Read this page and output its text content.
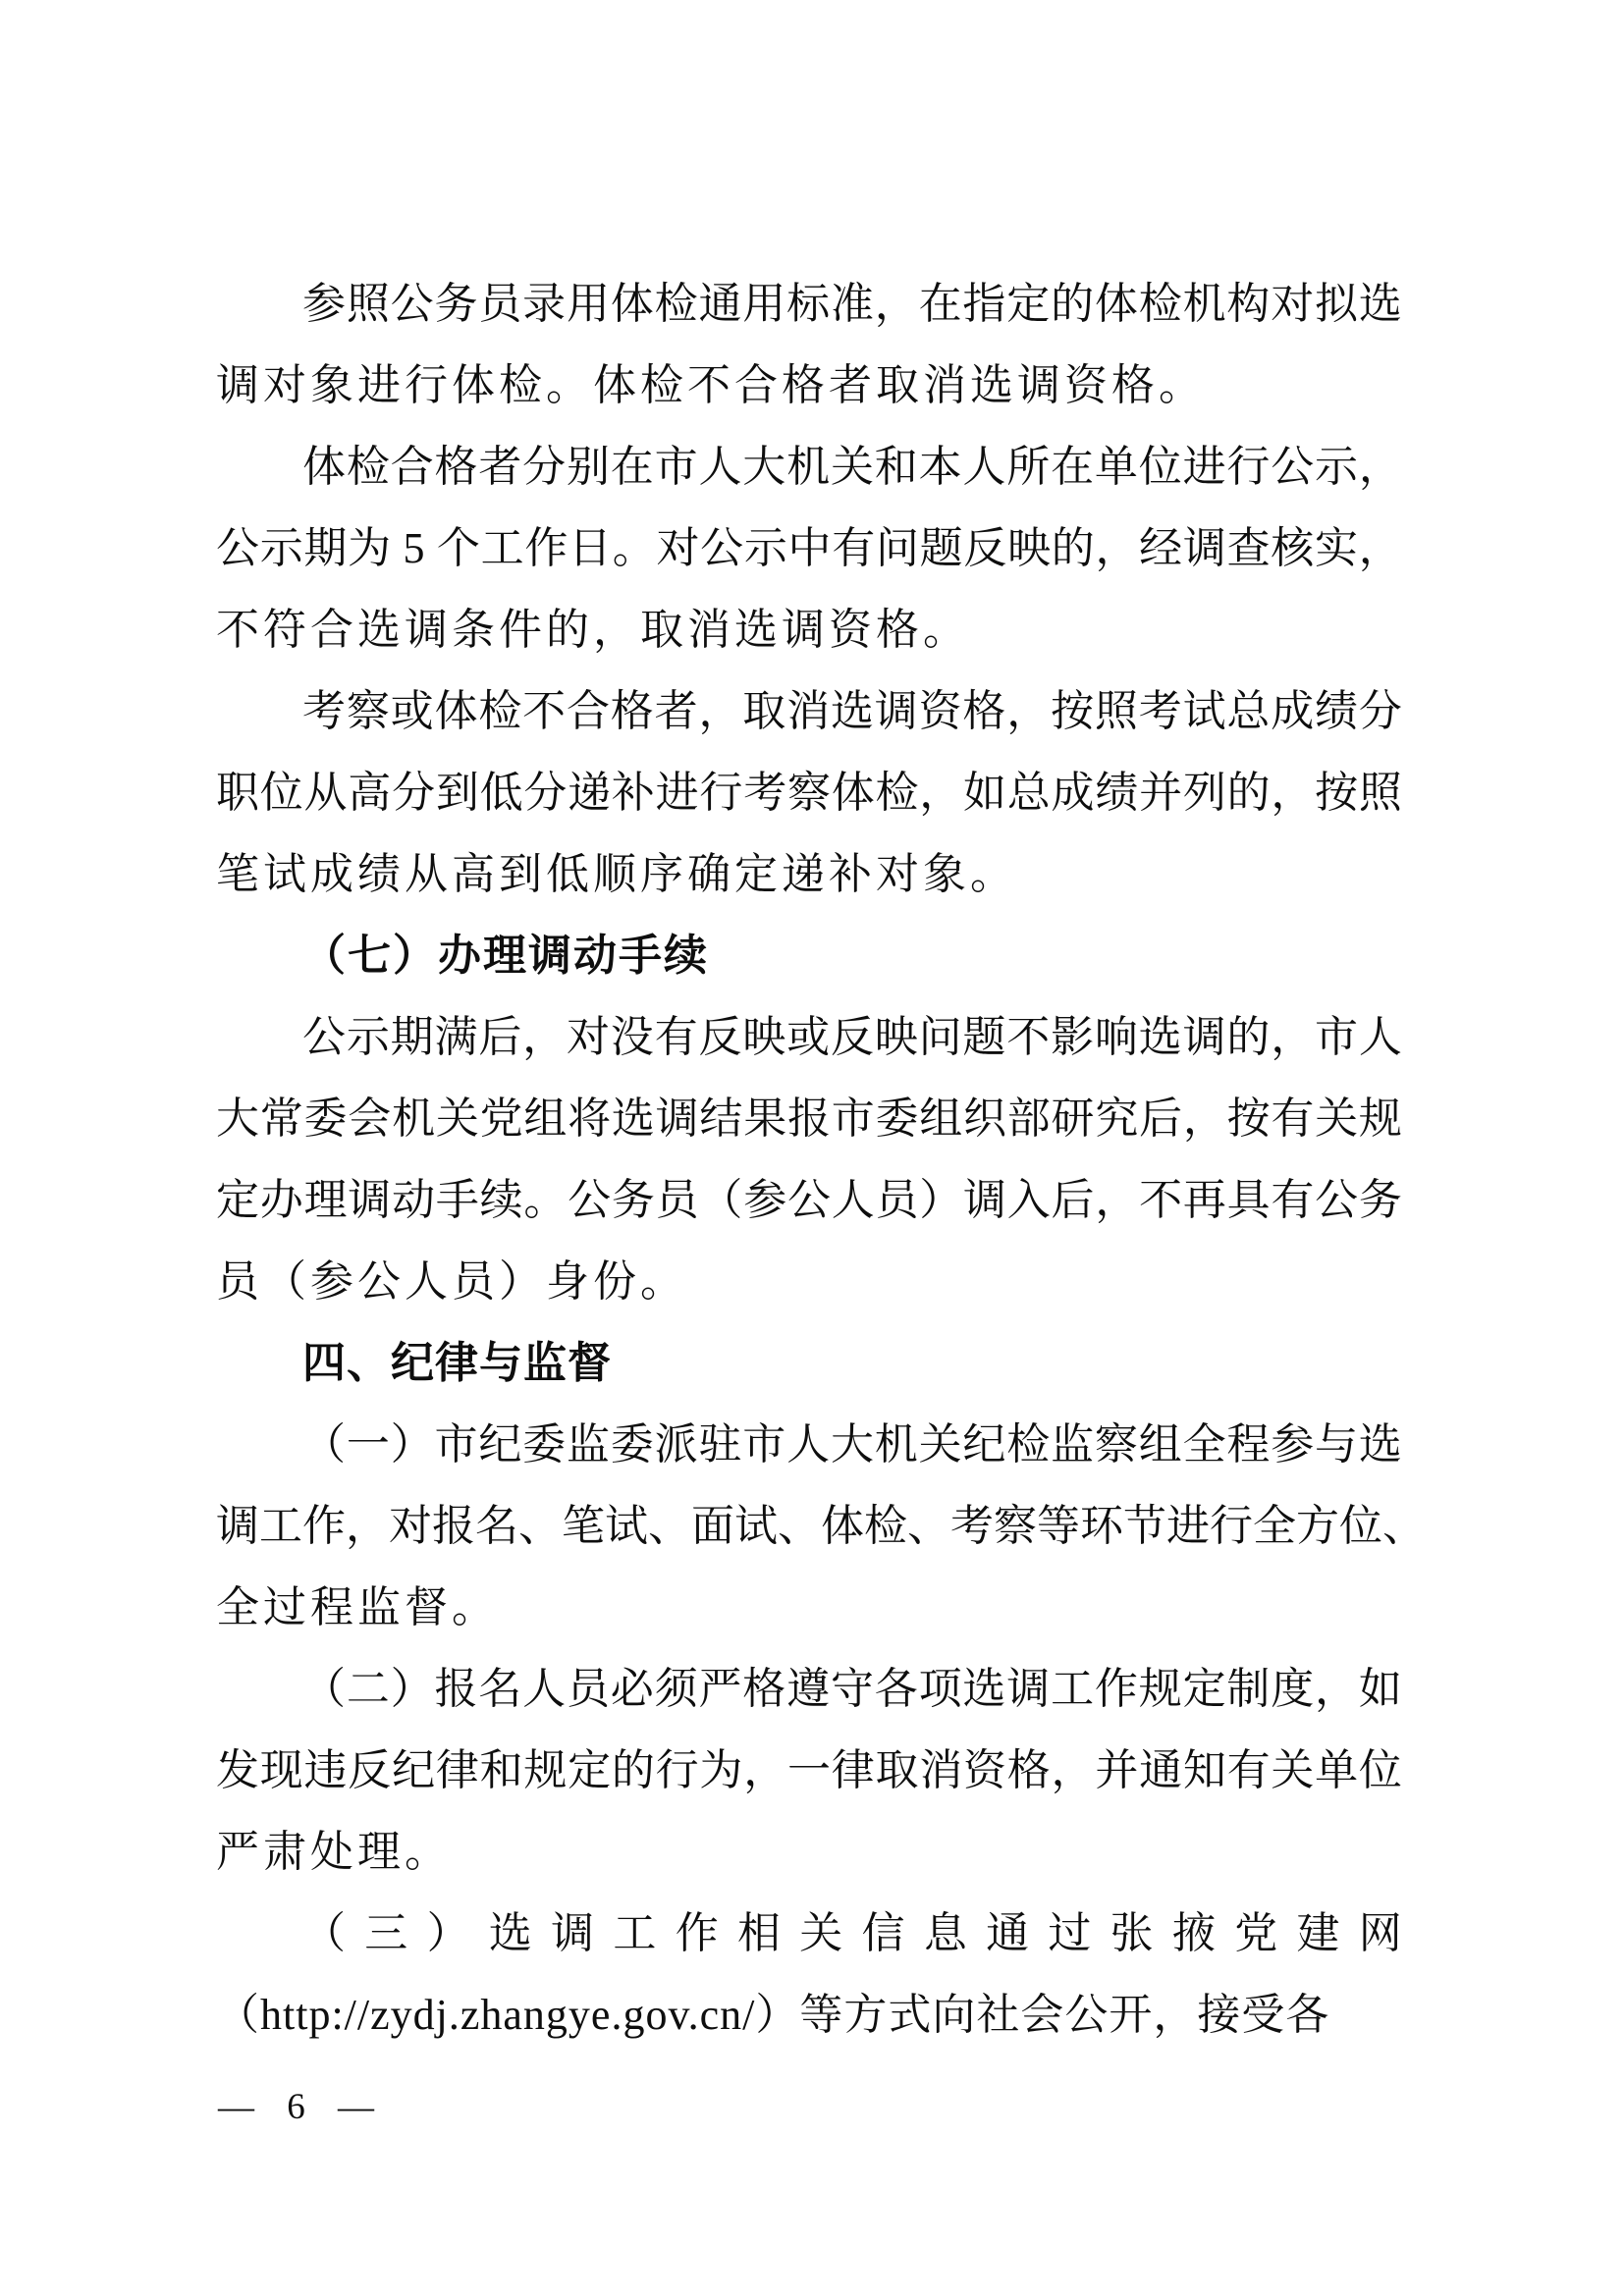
参 照 公 务 员 录 用 体 检 通 用 标 准 ， 在 指 定 的 体 检 机 构 对 拟 选
调对象进行体检。体检不合格者取消选调资格。
体 检 合 格 者 分 别 在 市 人 大 机 关 和 本 人 所 在 单 位 进 行 公 示 ，
公 示 期 为
5
个 工 作 日 。 对 公 示 中 有 问 题 反 映 的 ， 经 调 查 核 实 ，
不符合选调条件的，取消选调资格。
考 察 或 体 检 不 合 格 者 ， 取 消 选 调 资 格 ， 按 照 考 试 总 成 绩 分
职 位 从 高 分 到 低 分 递 补 进 行 考 察 体 检 ， 如 总 成 绩 并 列 的 ， 按 照
笔试成绩从高到低顺序确定递补对象。
（七）办理调动手续
公 示 期 满 后 ， 对 没 有 反 映 或 反 映 问 题 不 影 响 选 调 的 ， 市 人
大 常 委 会 机 关 党 组 将 选 调 结 果 报 市 委 组 织 部 研 究 后 ， 按 有 关 规
定 办 理 调 动 手 续 。 公 务 员 （ 参 公 人 员 ） 调 入 后 ， 不 再 具 有 公 务
员（参公人员）身份。
四、纪律与监督
（ 一 ） 市 纪 委 监 委 派 驻 市 人 大 机 关 纪 检 监 察 组 全 程 参 与 选
调 工 作 ， 对 报 名 、 笔 试 、 面 试 、 体 检 、 考 察 等 环 节 进 行 全 方 位 、
全过程监督。
（ 二 ） 报 名 人 员 必 须 严 格 遵 守 各 项 选 调 工 作 规 定 制 度 ， 如
发 现 违 反 纪 律 和 规 定 的 行 为 ， 一 律 取 消 资 格 ， 并 通 知 有 关 单 位
严肃处理。
（ 三 ） 选 调 工 作 相 关 信 息 通 过 张 掖 党 建 网
（http://zydj.zhangye.gov.cn/）等方式向社会公开，接受各
— 6 —
